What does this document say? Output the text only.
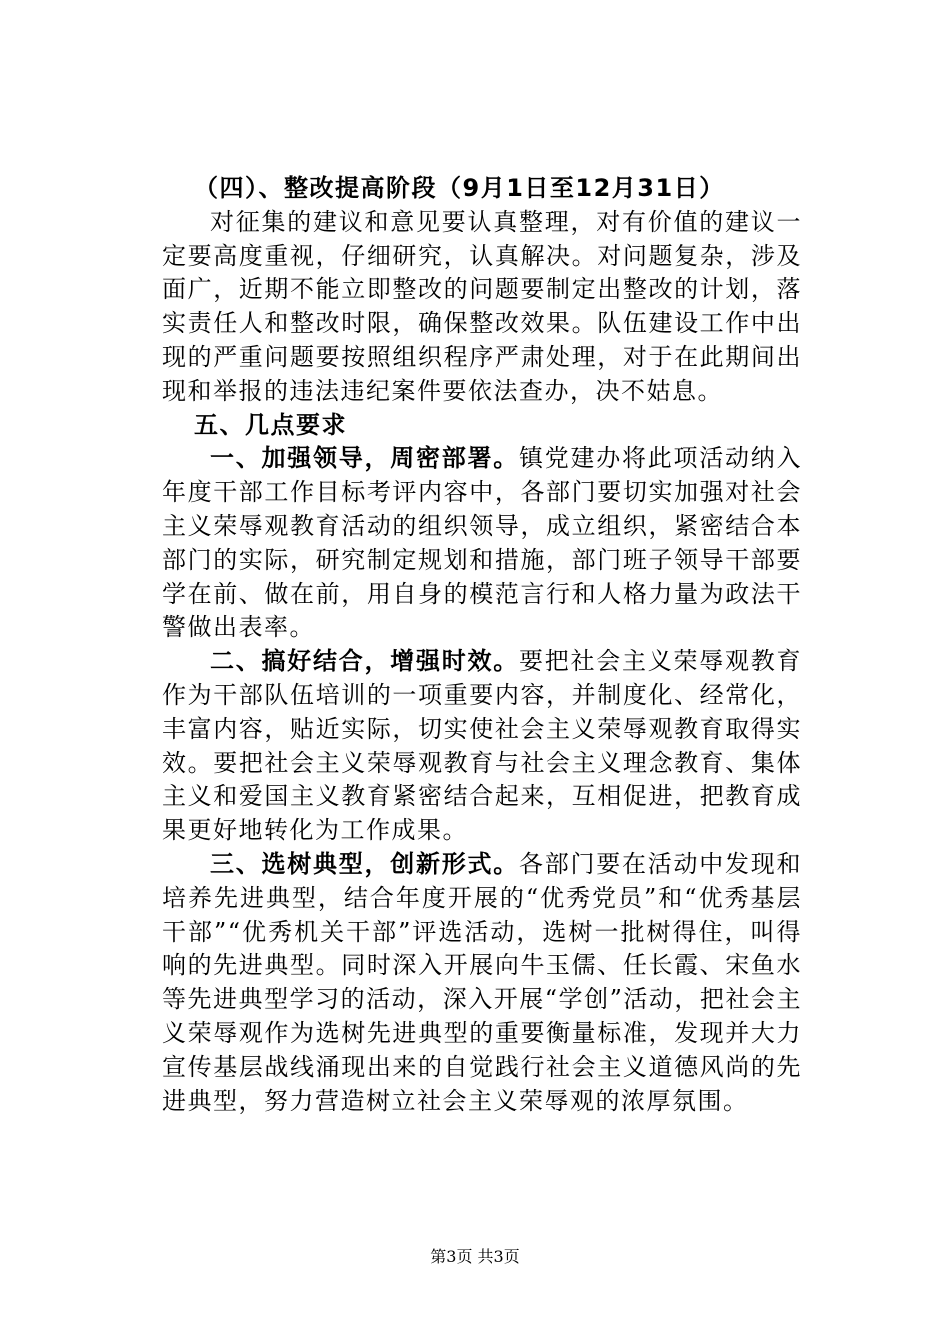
（四）、整改提高阶段（9月1日至12月31日）

对征集的建议和意见要认真整理，对有价值的建议一定要高度重视，仔细研究，认真解决。对问题复杂，涉及面广，近期不能立即整改的问题要制定出整改的计划，落实责任人和整改时限，确保整改效果。队伍建设工作中出现的严重问题要按照组织程序严肃处理，对于在此期间出现和举报的违法违纪案件要依法查办，决不姑息。

五、几点要求

一、加强领导，周密部署。镇党建办将此项活动纳入年度干部工作目标考评内容中，各部门要切实加强对社会主义荣辱观教育活动的组织领导，成立组织，紧密结合本部门的实际，研究制定规划和措施，部门班子领导干部要学在前、做在前，用自身的模范言行和人格力量为政法干警做出表率。

二、搞好结合，增强时效。要把社会主义荣辱观教育作为干部队伍培训的一项重要内容，并制度化、经常化，丰富内容，贴近实际，切实使社会主义荣辱观教育取得实效。要把社会主义荣辱观教育与社会主义理念教育、集体主义和爱国主义教育紧密结合起来，互相促进，把教育成果更好地转化为工作成果。

三、选树典型，创新形式。各部门要在活动中发现和培养先进典型，结合年度开展的“优秀党员”和“优秀基层干部”“优秀机关干部”评选活动，选树一批树得住，叫得响的先进典型。同时深入开展向牛玉儒、任长霞、宋鱼水等先进典型学习的活动，深入开展“学创”活动，把社会主义荣辱观作为选树先进典型的重要衡量标准，发现并大力宣传基层战线涌现出来的自觉践行社会主义道德风尚的先进典型，努力营造树立社会主义荣辱观的浓厚氛围。

第3页 共3页
